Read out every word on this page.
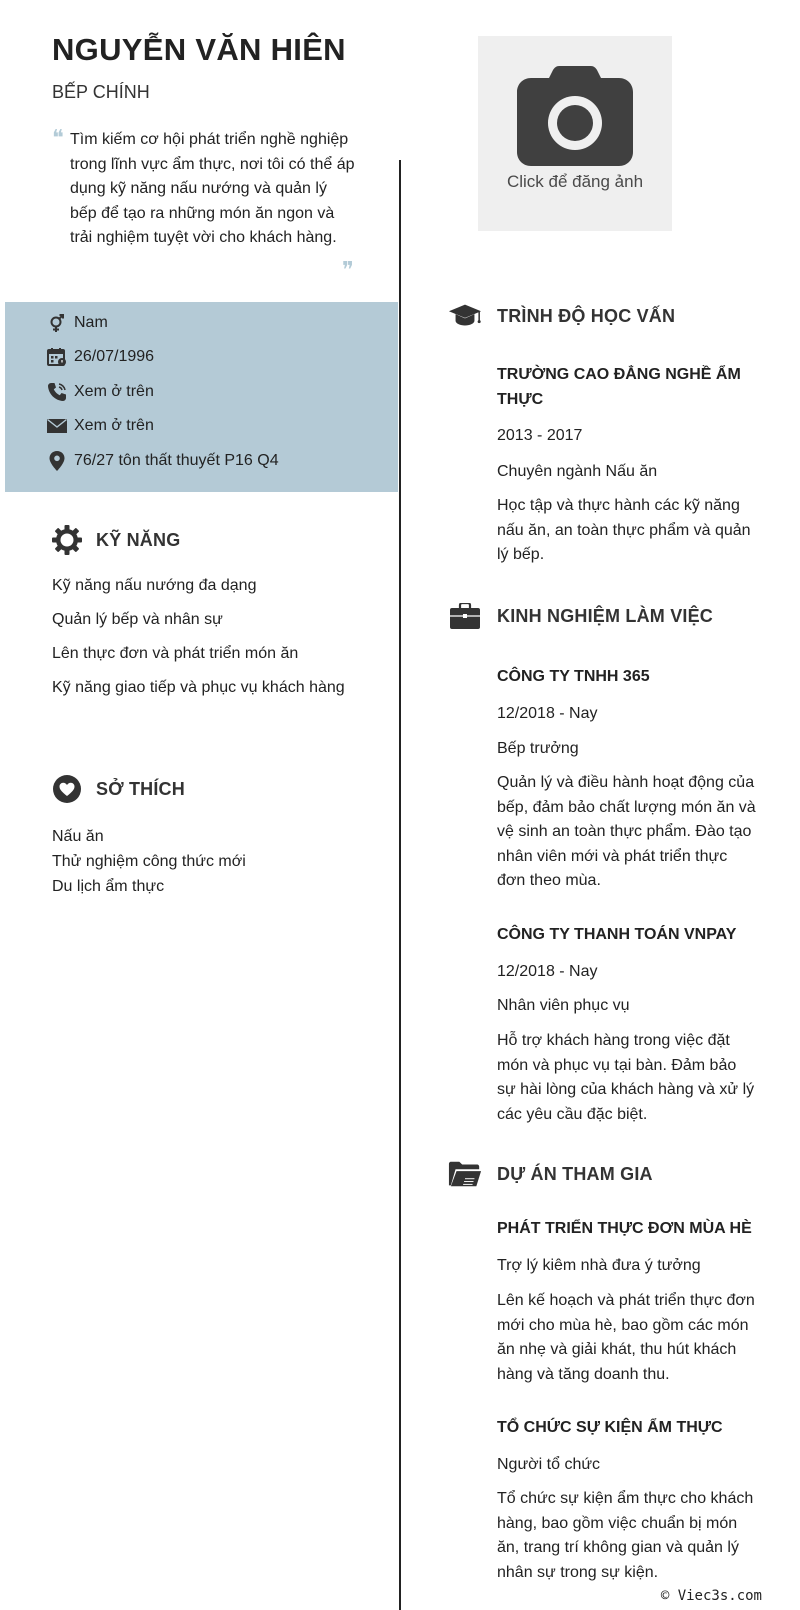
NGUYỄN VĂN HIÊN
BẾP CHÍNH
❝ Tìm kiếm cơ hội phát triển nghề nghiệp trong lĩnh vực ẩm thực, nơi tôi có thể áp dụng kỹ năng nấu nướng và quản lý bếp để tạo ra những món ăn ngon và trải nghiệm tuyệt vời cho khách hàng.
❞
Nam
26/07/1996
Xem ở trên
Xem ở trên
76/27 tôn thất thuyết P16 Q4
KỸ NĂNG
Kỹ năng nấu nướng đa dạng
Quản lý bếp và nhân sự
Lên thực đơn và phát triển món ăn
Kỹ năng giao tiếp và phục vụ khách hàng
SỞ THÍCH
Nấu ăn
Thử nghiệm công thức mới
Du lịch ẩm thực
Click để đăng ảnh
TRÌNH ĐỘ HỌC VẤN
TRƯỜNG CAO ĐẲNG NGHỀ ẨM THỰC
2013 - 2017
Chuyên ngành Nấu ăn
Học tập và thực hành các kỹ năng nấu ăn, an toàn thực phẩm và quản lý bếp.
KINH NGHIỆM LÀM VIỆC
CÔNG TY TNHH 365
12/2018 - Nay
Bếp trưởng
Quản lý và điều hành hoạt động của bếp, đảm bảo chất lượng món ăn và vệ sinh an toàn thực phẩm. Đào tạo nhân viên mới và phát triển thực đơn theo mùa.
CÔNG TY THANH TOÁN VNPAY
12/2018 - Nay
Nhân viên phục vụ
Hỗ trợ khách hàng trong việc đặt món và phục vụ tại bàn. Đảm bảo sự hài lòng của khách hàng và xử lý các yêu cầu đặc biệt.
DỰ ÁN THAM GIA
PHÁT TRIỂN THỰC ĐƠN MÙA HÈ
Trợ lý kiêm nhà đưa ý tưởng
Lên kế hoạch và phát triển thực đơn mới cho mùa hè, bao gồm các món ăn nhẹ và giải khát, thu hút khách hàng và tăng doanh thu.
TỔ CHỨC SỰ KIỆN ẨM THỰC
Người tổ chức
Tổ chức sự kiện ẩm thực cho khách hàng, bao gồm việc chuẩn bị món ăn, trang trí không gian và quản lý nhân sự trong sự kiện.
© Viec3s.com
